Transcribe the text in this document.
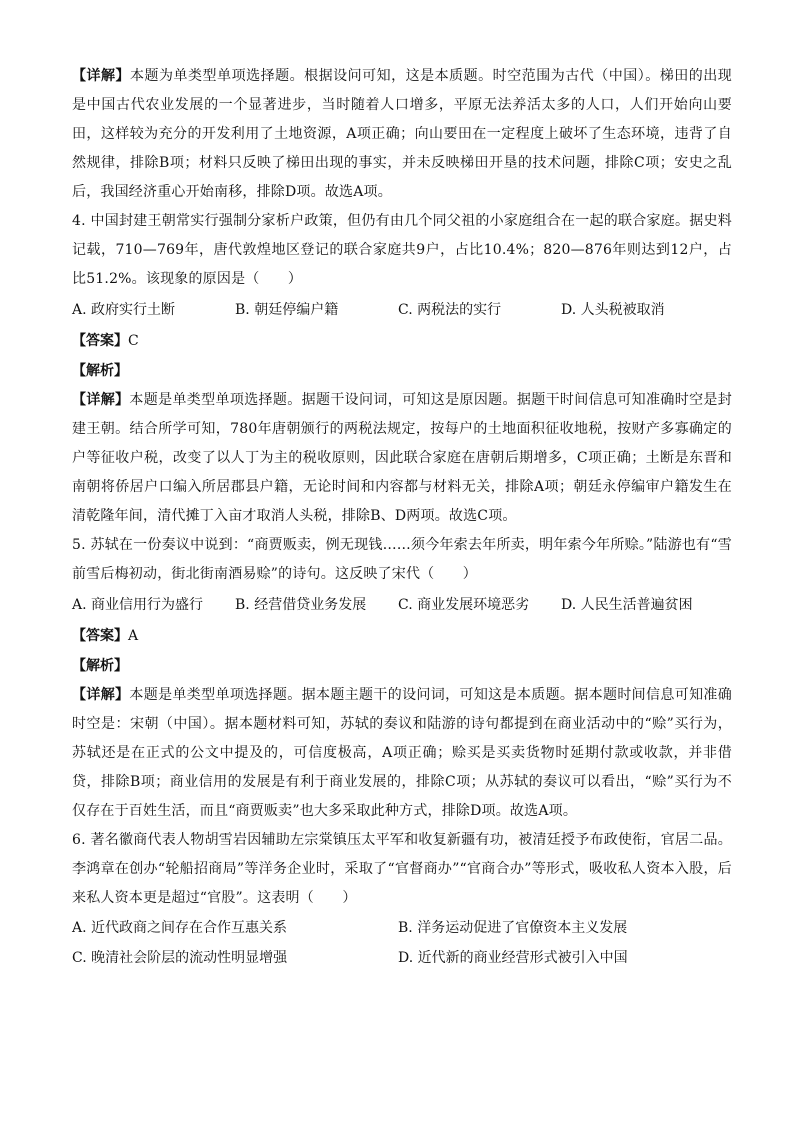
【详解】本题为单类型单项选择题。根据设问可知，这是本质题。时空范围为古代（中国）。梯田的出现是中国古代农业发展的一个显著进步，当时随着人口增多，平原无法养活太多的人口，人们开始向山要田，这样较为充分的开发利用了土地资源，A项正确；向山要田在一定程度上破坏了生态环境，违背了自然规律，排除B项；材料只反映了梯田出现的事实，并未反映梯田开垦的技术问题，排除C项；安史之乱后，我国经济重心开始南移，排除D项。故选A项。

4. 中国封建王朝常实行强制分家析户政策，但仍有由几个同父祖的小家庭组合在一起的联合家庭。据史料记载，710—769年，唐代敦煌地区登记的联合家庭共9户，占比10.4%；820—876年则达到12户，占比51.2%。该现象的原因是（　　）

A. 政府实行土断	B. 朝廷停编户籍	C. 两税法的实行	D. 人头税被取消
【答案】C
【解析】

【详解】本题是单类型单项选择题。据题干设问词，可知这是原因题。据题干时间信息可知准确时空是封建王朝。结合所学可知，780年唐朝颁行的两税法规定，按每户的土地面积征收地税，按财产多寡确定的户等征收户税，改变了以人丁为主的税收原则，因此联合家庭在唐朝后期增多，C项正确；土断是东晋和南朝将侨居户口编入所居郡县户籍，无论时间和内容都与材料无关，排除A项；朝廷永停编审户籍发生在清乾隆年间，清代摊丁入亩才取消人头税，排除B、D两项。故选C项。

5. 苏轼在一份奏议中说到：“商贾贩卖，例无现钱……须今年索去年所卖，明年索今年所赊。”陆游也有“雪前雪后梅初动，街北街南酒易赊”的诗句。这反映了宋代（　　）

A. 商业信用行为盛行	B. 经营借贷业务发展	C. 商业发展环境恶劣	D. 人民生活普遍贫困
【答案】A
【解析】

【详解】本题是单类型单项选择题。据本题主题干的设问词，可知这是本质题。据本题时间信息可知准确时空是：宋朝（中国）。据本题材料可知，苏轼的奏议和陆游的诗句都提到在商业活动中的“赊”买行为，苏轼还是在正式的公文中提及的，可信度极高，A项正确；赊买是买卖货物时延期付款或收款，并非借贷，排除B项；商业信用的发展是有利于商业发展的，排除C项；从苏轼的奏议可以看出，“赊”买行为不仅存在于百姓生活，而且“商贾贩卖”也大多采取此种方式，排除D项。故选A项。

6. 著名徽商代表人物胡雪岩因辅助左宗棠镇压太平军和收复新疆有功，被清廷授予布政使衔，官居二品。李鸿章在创办“轮船招商局”等洋务企业时，采取了“官督商办”“官商合办”等形式，吸收私人资本入股，后来私人资本更是超过“官股”。这表明（　　）

A. 近代政商之间存在合作互惠关系	B. 洋务运动促进了官僚资本主义发展
C. 晚清社会阶层的流动性明显增强	D. 近代新的商业经营形式被引入中国
